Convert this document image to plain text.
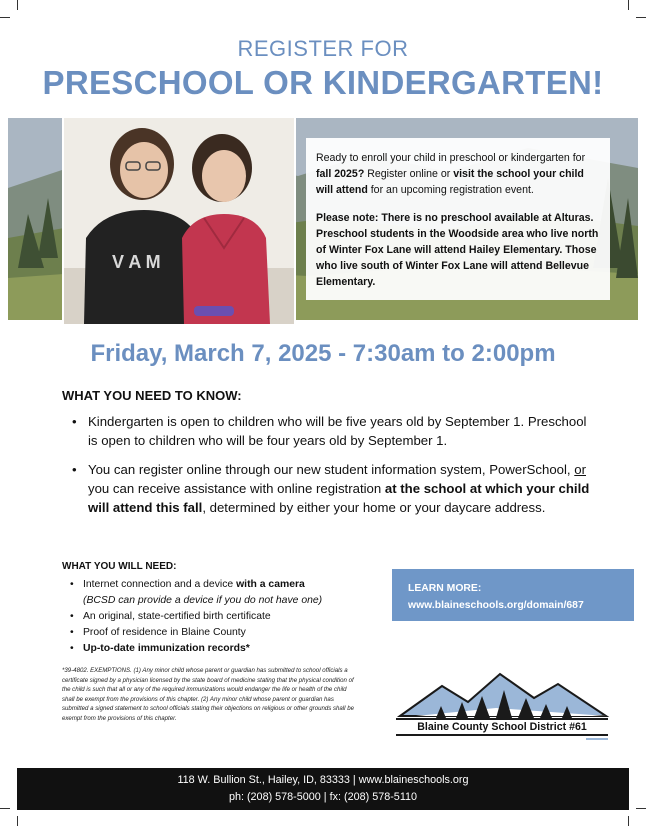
REGISTER FOR
PRESCHOOL OR KINDERGARTEN!
V A M

Ready to enroll your child in preschool or kindergarten for fall 2025? Register online or visit the school your child will attend for an upcoming registration event.

Please note: There is no preschool available at Alturas. Preschool students in the Woodside area who live north of Winter Fox Lane will attend Hailey Elementary. Those who live south of Winter Fox Lane will attend Bellevue Elementary.

Friday, March 7, 2025 - 7:30am to 2:00pm
WHAT YOU NEED TO KNOW:
• Kindergarten is open to children who will be five years old by September 1. Preschool is open to children who will be four years old by September 1.
• You can register online through our new student information system, PowerSchool, or you can receive assistance with online registration at the school at which your child will attend this fall, determined by either your home or your daycare address.
WHAT YOU WILL NEED:
• Internet connection and a device with a camera
(BCSD can provide a device if you do not have one)
• An original, state-certified birth certificate
• Proof of residence in Blaine County
• Up-to-date immunization records*
*39-4802. EXEMPTIONS. (1) Any minor child whose parent or guardian has submitted to school officials a certificate signed by a physician licensed by the state board of medicine stating that the physical condition of the child is such that all or any of the required immunizations would endanger the life or health of the child shall be exempt from the provisions of this chapter. (2) Any minor child whose parent or guardian has submitted a signed statement to school officials stating their objections on religious or other grounds shall be exempt from the provisions of this chapter.
LEARN MORE:
www.blaineschools.org/domain/687
Blaine County School District #61
118 W. Bullion St., Hailey, ID, 83333 | www.blaineschools.org
ph: (208) 578-5000 | fx: (208) 578-5110
